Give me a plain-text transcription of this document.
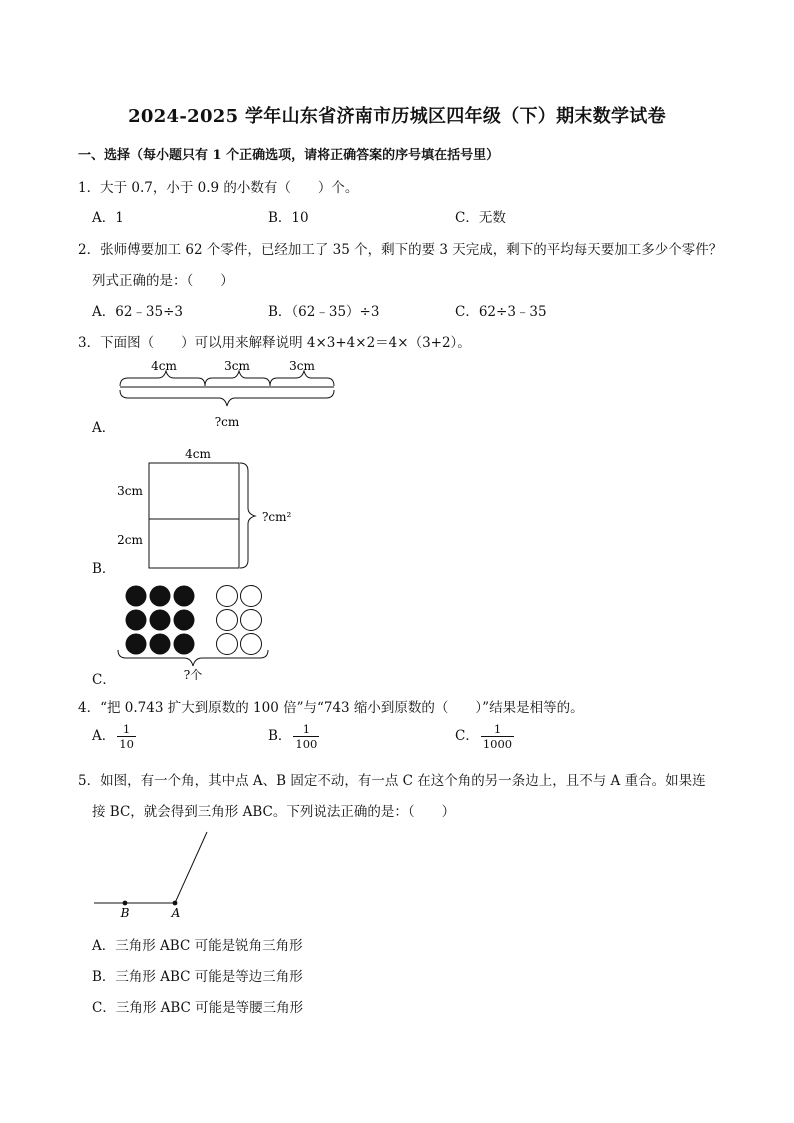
2024-2025 学年山东省济南市历城区四年级（下）期末数学试卷
一、选择（每小题只有 1 个正确选项，请将正确答案的序号填在括号里）
1．大于 0.7，小于 0.9 的小数有（　　）个。
A．1	B．10	C．无数
2．张师傅要加工 62 个零件，已经加工了 35 个，剩下的要 3 天完成，剩下的平均每天要加工多少个零件？
列式正确的是：（　　）
A．62﹣35÷3	B．（62﹣35）÷3	C．62÷3﹣35
3．下面图（　　）可以用来解释说明 4×3+4×2＝4×（3+2）。
4cm	3cm	3cm
?cm
A．
4cm
3cm
2cm
?cm²
B．
?个
C．
4．“把 0.743 扩大到原数的 100 倍”与“743 缩小到原数的（　　）”结果是相等的。
A． $\frac{1}{10}$	B． $\frac{1}{100}$	C． $\frac{1}{1000}$
5．如图，有一个角，其中点 A、B 固定不动，有一点 C 在这个角的另一条边上，且不与 A 重合。如果连
接 BC，就会得到三角形 ABC。下列说法正确的是：（　　）
B	A
A．三角形 ABC 可能是锐角三角形
B．三角形 ABC 可能是等边三角形
C．三角形 ABC 可能是等腰三角形
